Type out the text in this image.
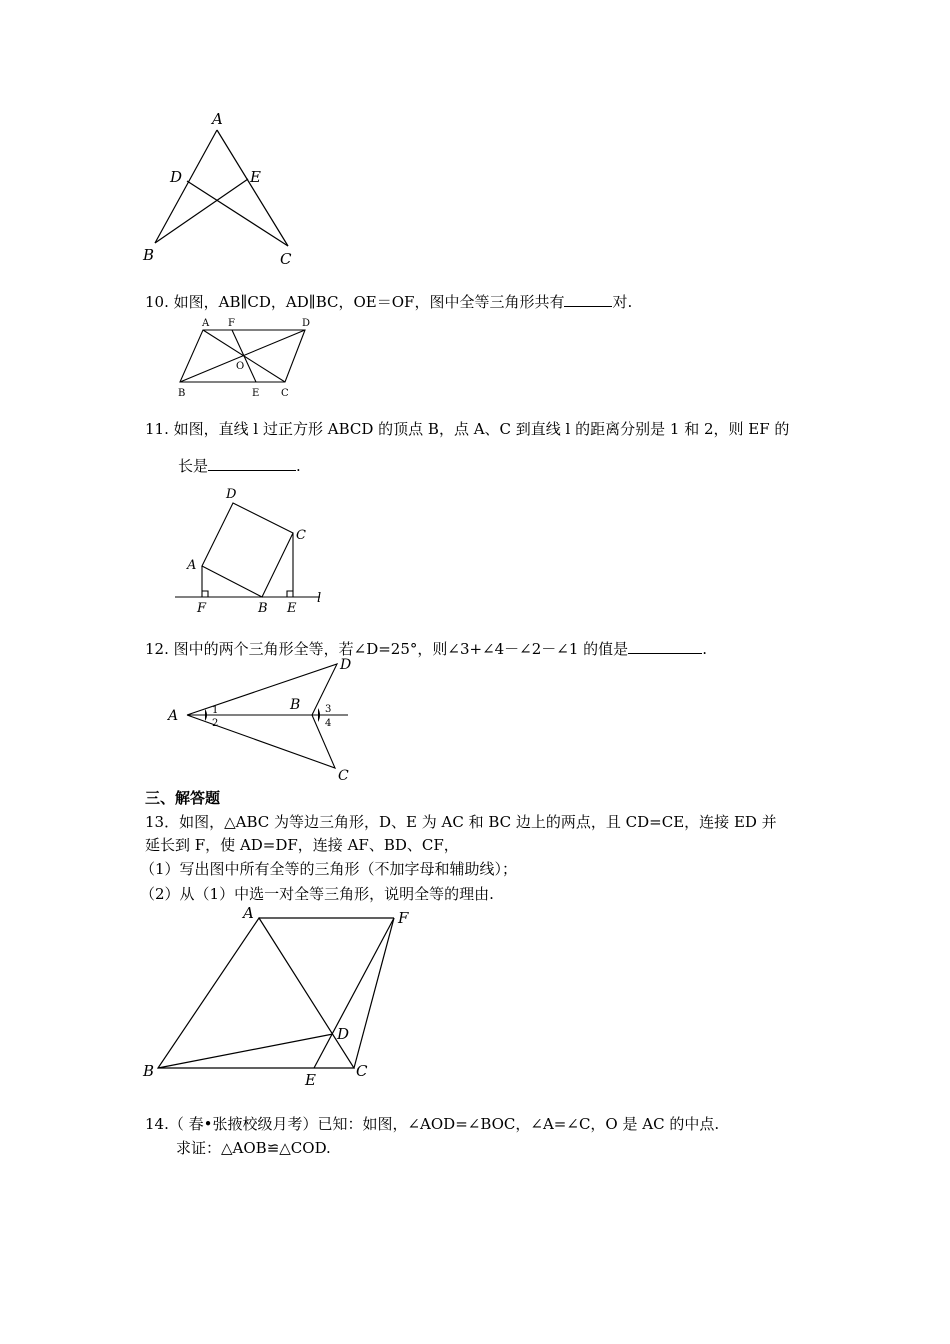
A
D	E
B	C
10. 如图，AB∥CD，AD∥BC，OE＝OF，图中全等三角形共有	对.
A F	D
O
B	E C
11. 如图，直线 l 过正方形 ABCD 的顶点 B，点 A、C 到直线 l 的距离分别是 1 和 2，则 EF 的
长是	.
D
C
A
F	B E
l
12. 图中的两个三角形全等，若∠D=25°，则∠3+∠4－∠2－∠1 的值是	.
A
B
D
C
1
2
3
4
三、解答题
13．如图，△ABC 为等边三角形，D、E 为 AC 和 BC 边上的两点，且 CD=CE，连接 ED 并
延长到 F，使 AD=DF，连接 AF、BD、CF，
（1）写出图中所有全等的三角形（不加字母和辅助线）；
（2）从（1）中选一对全等三角形，说明全等的理由.
A	F
D
B	E	C
14.（ 春•张掖校级月考）已知：如图，∠AOD=∠BOC，∠A=∠C，O 是 AC 的中点.
求证：△AOB≌△COD.
